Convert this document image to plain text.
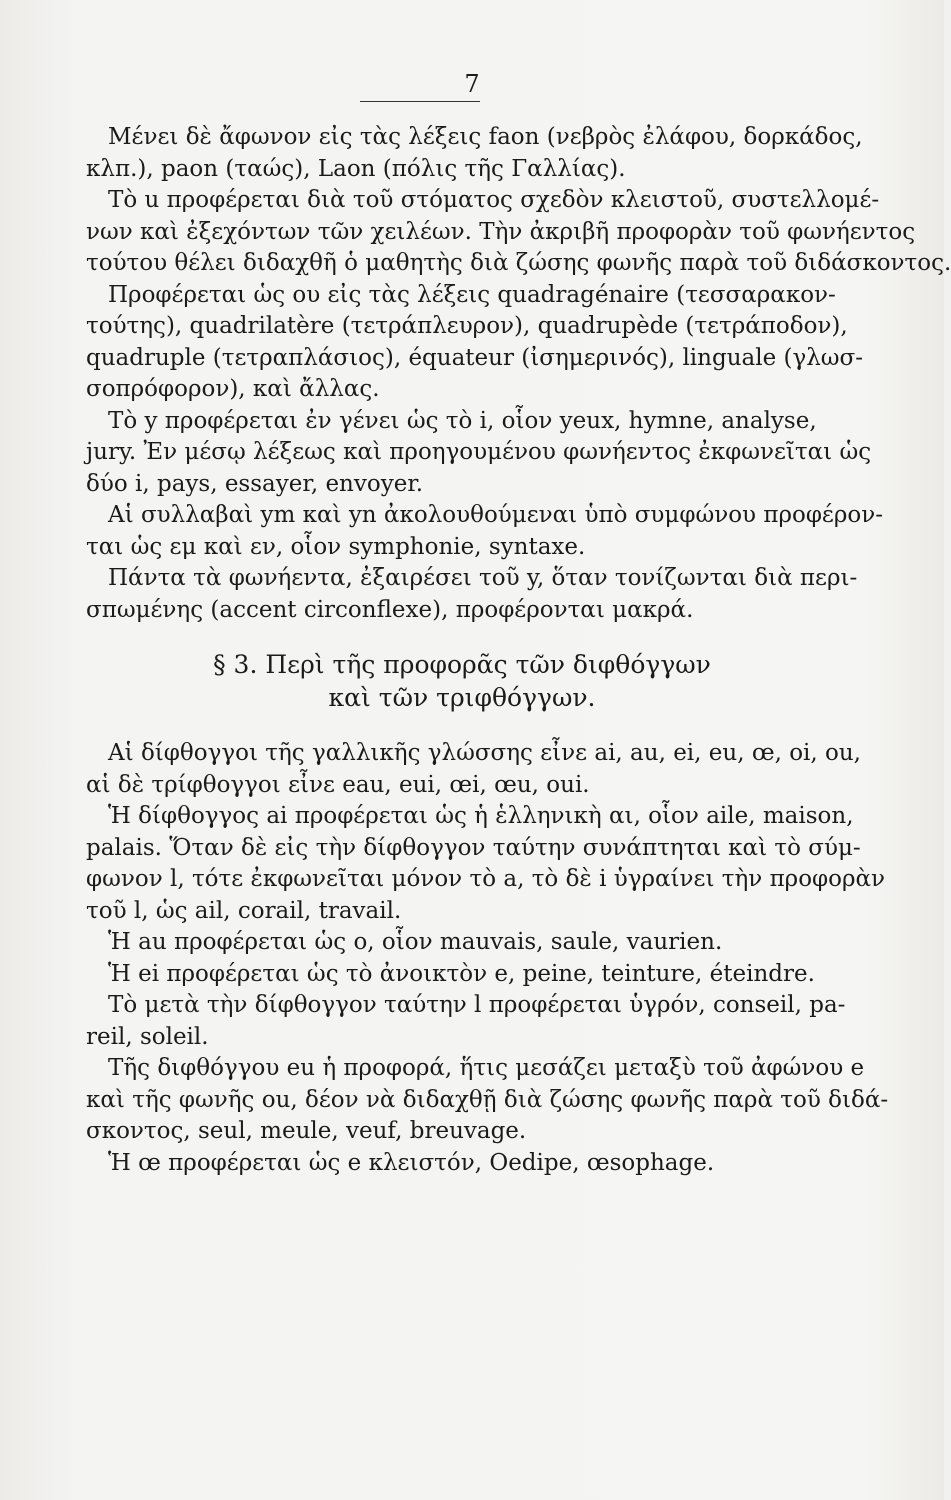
7
Μένει δὲ ἄφωνον εἰς τὰς λέξεις faon (νεβρὸς ἐλάφου, δορκάδος,
κλπ.), paon (ταώς), Laon (πόλις τῆς Γαλλίας).
Τὸ u προφέρεται διὰ τοῦ στόματος σχεδὸν κλειστοῦ, συστελλομέ-
νων καὶ ἐξεχόντων τῶν χειλέων. Τὴν ἀκριβῆ προφορὰν τοῦ φωνήεντος
τούτου θέλει διδαχθῆ ὁ μαθητὴς διὰ ζώσης φωνῆς παρὰ τοῦ διδάσκοντος.
Προφέρεται ὡς ου εἰς τὰς λέξεις quadragénaire (τεσσαρακον-
τούτης), quadrilatère (τετράπλευρον), quadrupède (τετράποδον),
quadruple (τετραπλάσιος), équateur (ἰσημερινός), linguale (γλωσ-
σοπρόφορον), καὶ ἄλλας.
Τὸ y προφέρεται ἐν γένει ὡς τὸ i, οἷον yeux, hymne, analyse,
jury. Ἐν μέσῳ λέξεως καὶ προηγουμένου φωνήεντος ἐκφωνεῖται ὡς
δύο i, pays, essayer, envoyer.
Αἱ συλλαβαὶ ym καὶ yn ἀκολουθούμεναι ὑπὸ συμφώνου προφέρον-
ται ὡς εμ καὶ εν, οἷον symphonie, syntaxe.
Πάντα τὰ φωνήεντα, ἐξαιρέσει τοῦ y, ὅταν τονίζωνται διὰ περι-
σπωμένης (accent circonflexe), προφέρονται μακρά.
§ 3. Περὶ τῆς προφορᾶς τῶν διφθόγγων
καὶ τῶν τριφθόγγων.
Αἱ δίφθογγοι τῆς γαλλικῆς γλώσσης εἶνε ai, au, ei, eu, œ, oi, ou,
αἱ δὲ τρίφθογγοι εἶνε eau, eui, œi, œu, oui.
Ἡ δίφθογγος ai προφέρεται ὡς ἡ ἑλληνικὴ αι, οἷον aile, maison,
palais. Ὅταν δὲ εἰς τὴν δίφθογγον ταύτην συνάπτηται καὶ τὸ σύμ-
φωνον l, τότε ἐκφωνεῖται μόνον τὸ a, τὸ δὲ i ὑγραίνει τὴν προφορὰν
τοῦ l, ὡς ail, corail, travail.
Ἡ au προφέρεται ὡς ο, οἷον mauvais, saule, vaurien.
Ἡ ei προφέρεται ὡς τὸ ἀνοικτὸν e, peine, teinture, éteindre.
Τὸ μετὰ τὴν δίφθογγον ταύτην l προφέρεται ὑγρόν, conseil, pa-
reil, soleil.
Τῆς διφθόγγου eu ἡ προφορά, ἥτις μεσάζει μεταξὺ τοῦ ἀφώνου e
καὶ τῆς φωνῆς ou, δέον νὰ διδαχθῇ διὰ ζώσης φωνῆς παρὰ τοῦ διδά-
σκοντος, seul, meule, veuf, breuvage.
Ἡ œ προφέρεται ὡς e κλειστόν, Oedipe, œsophage.
